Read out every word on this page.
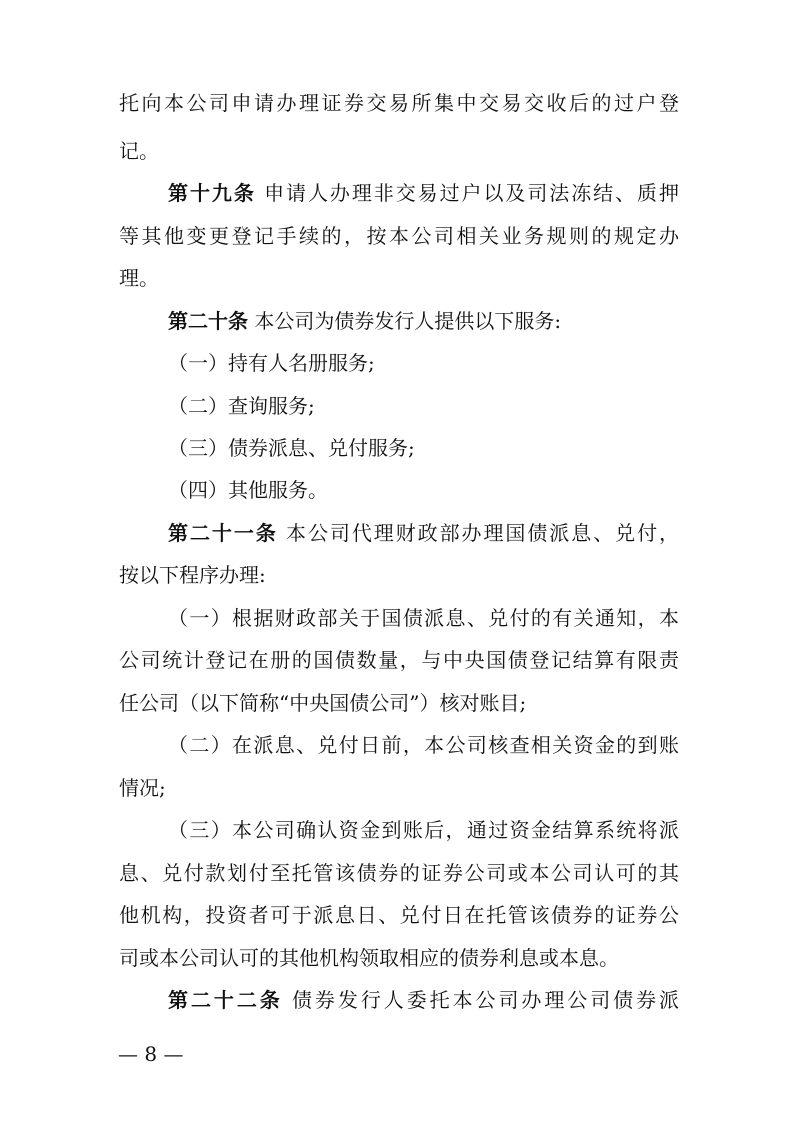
托向本公司申请办理证券交易所集中交易交收后的过户登
记。
第十九条 申请人办理非交易过户以及司法冻结、质押
等其他变更登记手续的，按本公司相关业务规则的规定办
理。
第二十条 本公司为债券发行人提供以下服务:
（一）持有人名册服务;
（二）查询服务;
（三）债券派息、兑付服务;
（四）其他服务。
第二十一条 本公司代理财政部办理国债派息、兑付，
按以下程序办理:
（一）根据财政部关于国债派息、兑付的有关通知，本
公司统计登记在册的国债数量，与中央国债登记结算有限责
任公司（以下简称“中央国债公司”）核对账目;
（二）在派息、兑付日前，本公司核查相关资金的到账
情况;
（三）本公司确认资金到账后，通过资金结算系统将派
息、兑付款划付至托管该债券的证券公司或本公司认可的其
他机构，投资者可于派息日、兑付日在托管该债券的证券公
司或本公司认可的其他机构领取相应的债券利息或本息。
第二十二条 债券发行人委托本公司办理公司债券派
— 8 —
